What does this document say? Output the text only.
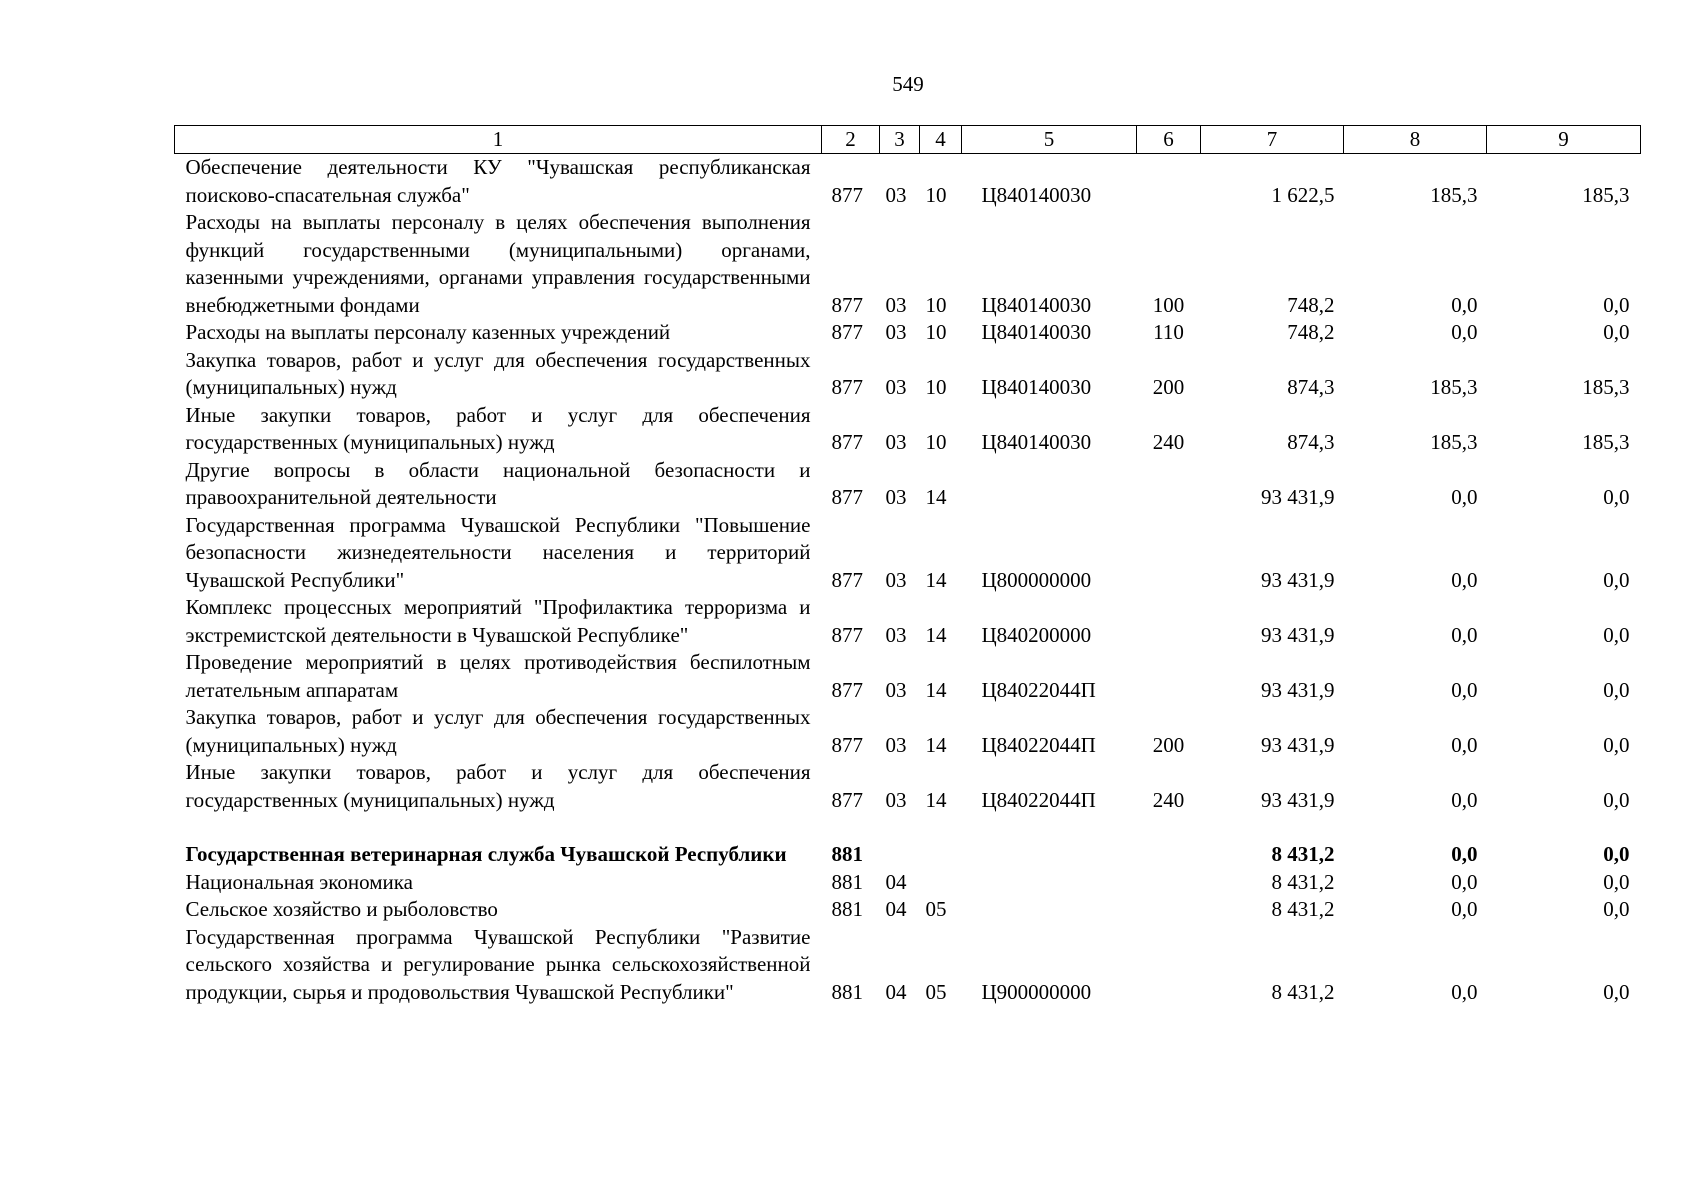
549
1	2	3	4	5	6	7	8	9
Обеспечение деятельности КУ "Чувашская республиканская поисково-спасательная служба"	877	03	10	Ц840140030		1 622,5	185,3	185,3
Расходы на выплаты персоналу в целях обеспечения выполнения функций государственными (муниципальными) органами, казенными учреждениями, органами управления государственными внебюджетными фондами	877	03	10	Ц840140030	100	748,2	0,0	0,0
Расходы на выплаты персоналу казенных учреждений	877	03	10	Ц840140030	110	748,2	0,0	0,0
Закупка товаров, работ и услуг для обеспечения государственных (муниципальных) нужд	877	03	10	Ц840140030	200	874,3	185,3	185,3
Иные закупки товаров, работ и услуг для обеспечения государственных (муниципальных) нужд	877	03	10	Ц840140030	240	874,3	185,3	185,3
Другие вопросы в области национальной безопасности и правоохранительной деятельности	877	03	14			93 431,9	0,0	0,0
Государственная программа Чувашской Республики "Повышение безопасности жизнедеятельности населения и территорий Чувашской Республики"	877	03	14	Ц800000000		93 431,9	0,0	0,0
Комплекс процессных мероприятий "Профилактика терроризма и экстремистской деятельности в Чувашской Республике"	877	03	14	Ц840200000		93 431,9	0,0	0,0
Проведение мероприятий в целях противодействия беспилотным летательным аппаратам	877	03	14	Ц84022044П		93 431,9	0,0	0,0
Закупка товаров, работ и услуг для обеспечения государственных (муниципальных) нужд	877	03	14	Ц84022044П	200	93 431,9	0,0	0,0
Иные закупки товаров, работ и услуг для обеспечения государственных (муниципальных) нужд	877	03	14	Ц84022044П	240	93 431,9	0,0	0,0

Государственная ветеринарная служба Чувашской Республики	881					8 431,2	0,0	0,0
Национальная экономика	881	04				8 431,2	0,0	0,0
Сельское хозяйство и рыболовство	881	04	05			8 431,2	0,0	0,0
Государственная программа Чувашской Республики "Развитие сельского хозяйства и регулирование рынка сельскохозяйственной продукции, сырья и продовольствия Чувашской Республики"	881	04	05	Ц900000000		8 431,2	0,0	0,0
